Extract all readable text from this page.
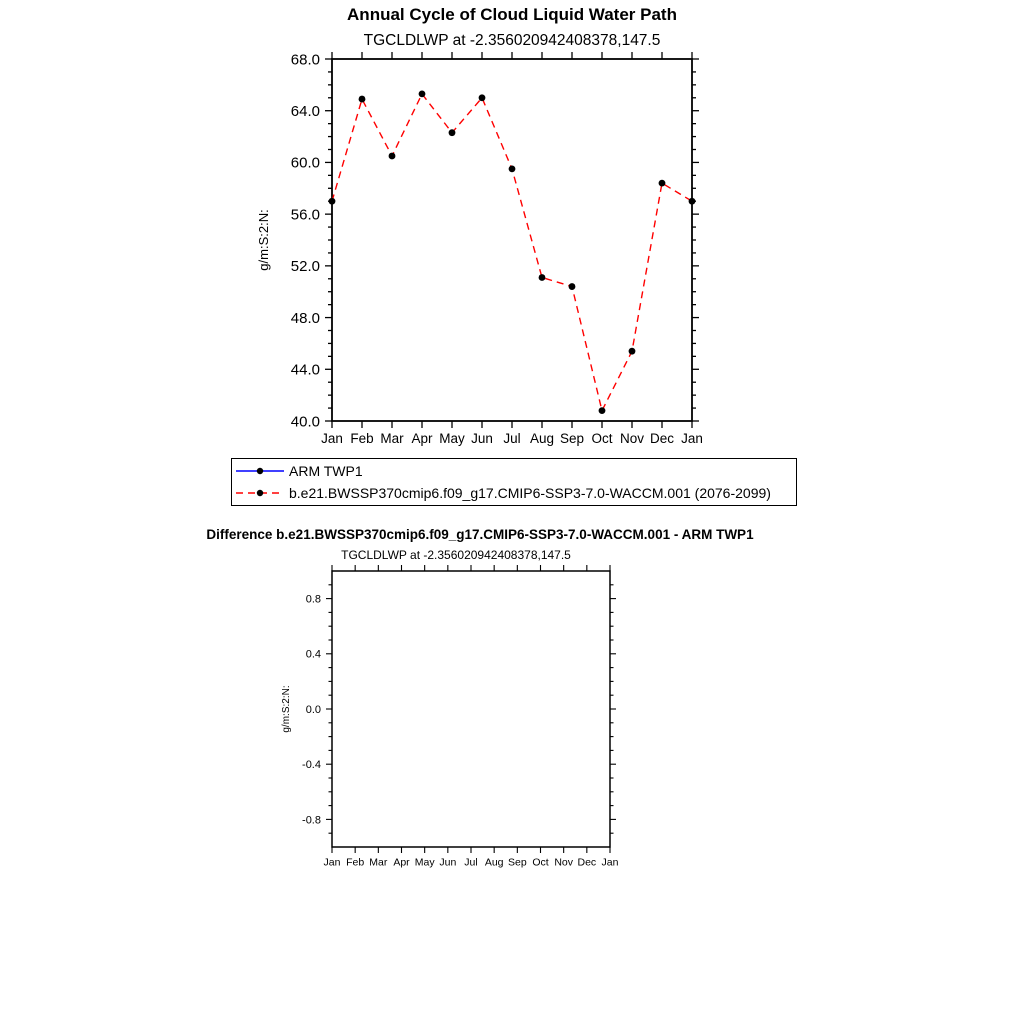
Jan Feb Mar Apr May Jun Jul Aug Sep Oct Nov Dec Jan
68.0
64.0
60.0
56.0
52.0
48.0
44.0
40.0
g/m:S:2:N:
Jan Feb Mar Apr May Jun Jul Aug Sep Oct Nov Dec Jan
0.8
0.4
0.0
-0.4
-0.8
g/m:S:2:N:
Annual Cycle of Cloud Liquid Water Path
TGCLDLWP at -2.356020942408378,147.5
ARM TWP1
b.e21.BWSSP370cmip6.f09_g17.CMIP6-SSP3-7.0-WACCM.001 (2076-2099)
Difference b.e21.BWSSP370cmip6.f09_g17.CMIP6-SSP3-7.0-WACCM.001 - ARM TWP1
TGCLDLWP at -2.356020942408378,147.5
